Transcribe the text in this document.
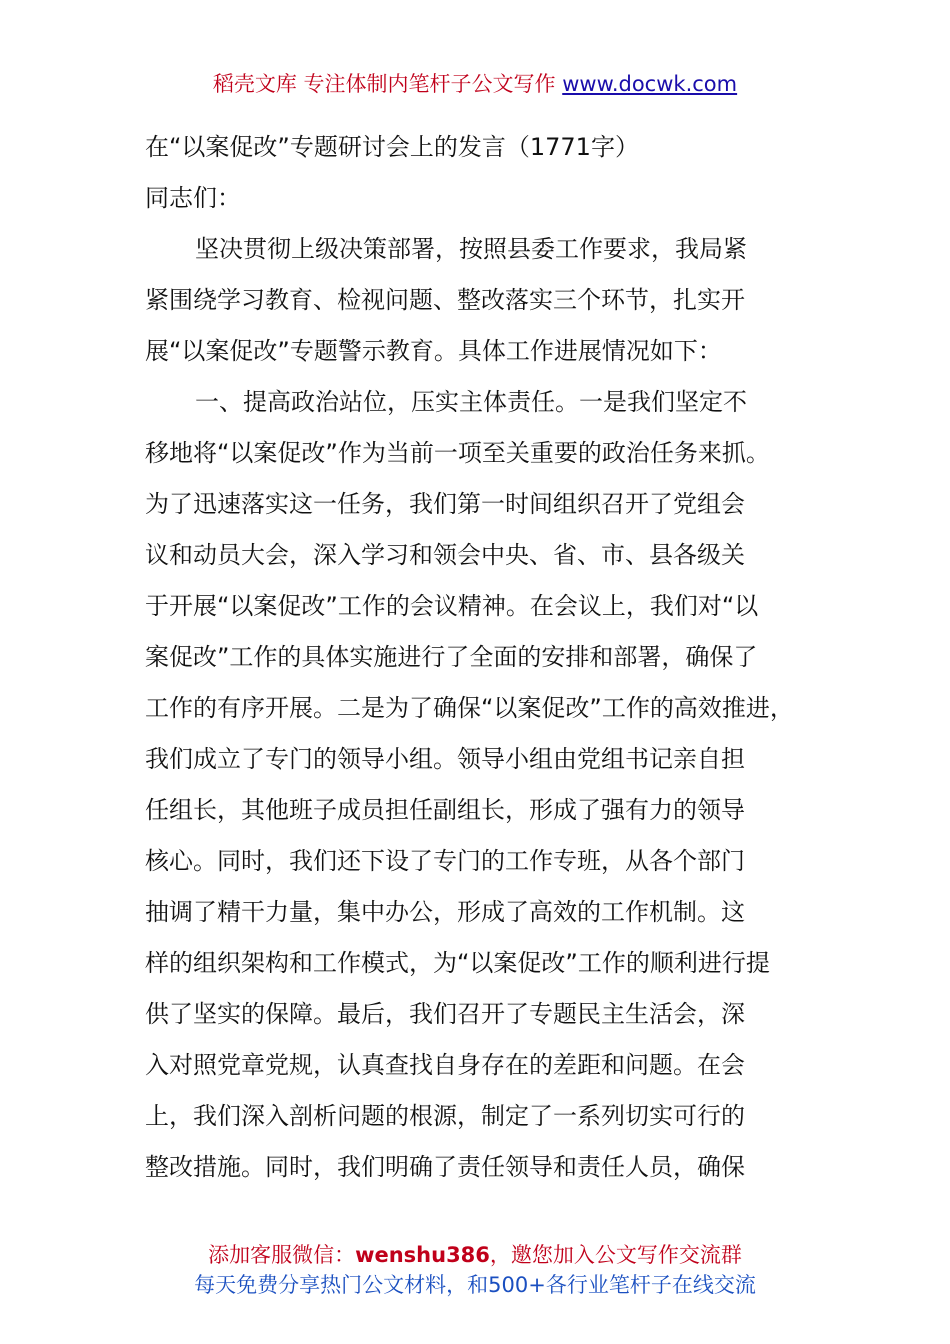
稻壳文库 专注体制内笔杆子公文写作 www.docwk.com
在“以案促改”专题研讨会上的发言（1771字）
同志们：
坚决贯彻上级决策部署，按照县委工作要求，我局紧
紧围绕学习教育、检视问题、整改落实三个环节，扎实开
展“以案促改”专题警示教育。具体工作进展情况如下：
一、提高政治站位，压实主体责任。一是我们坚定不
移地将“以案促改”作为当前一项至关重要的政治任务来抓。
为了迅速落实这一任务，我们第一时间组织召开了党组会
议和动员大会，深入学习和领会中央、省、市、县各级关
于开展“以案促改”工作的会议精神。在会议上，我们对“以
案促改”工作的具体实施进行了全面的安排和部署，确保了
工作的有序开展。二是为了确保“以案促改”工作的高效推进，
我们成立了专门的领导小组。领导小组由党组书记亲自担
任组长，其他班子成员担任副组长，形成了强有力的领导
核心。同时，我们还下设了专门的工作专班，从各个部门
抽调了精干力量，集中办公，形成了高效的工作机制。这
样的组织架构和工作模式，为“以案促改”工作的顺利进行提
供了坚实的保障。最后，我们召开了专题民主生活会，深
入对照党章党规，认真查找自身存在的差距和问题。在会
上，我们深入剖析问题的根源，制定了一系列切实可行的
整改措施。同时，我们明确了责任领导和责任人员，确保
添加客服微信：wenshu386，邀您加入公文写作交流群
每天免费分享热门公文材料，和500+各行业笔杆子在线交流
